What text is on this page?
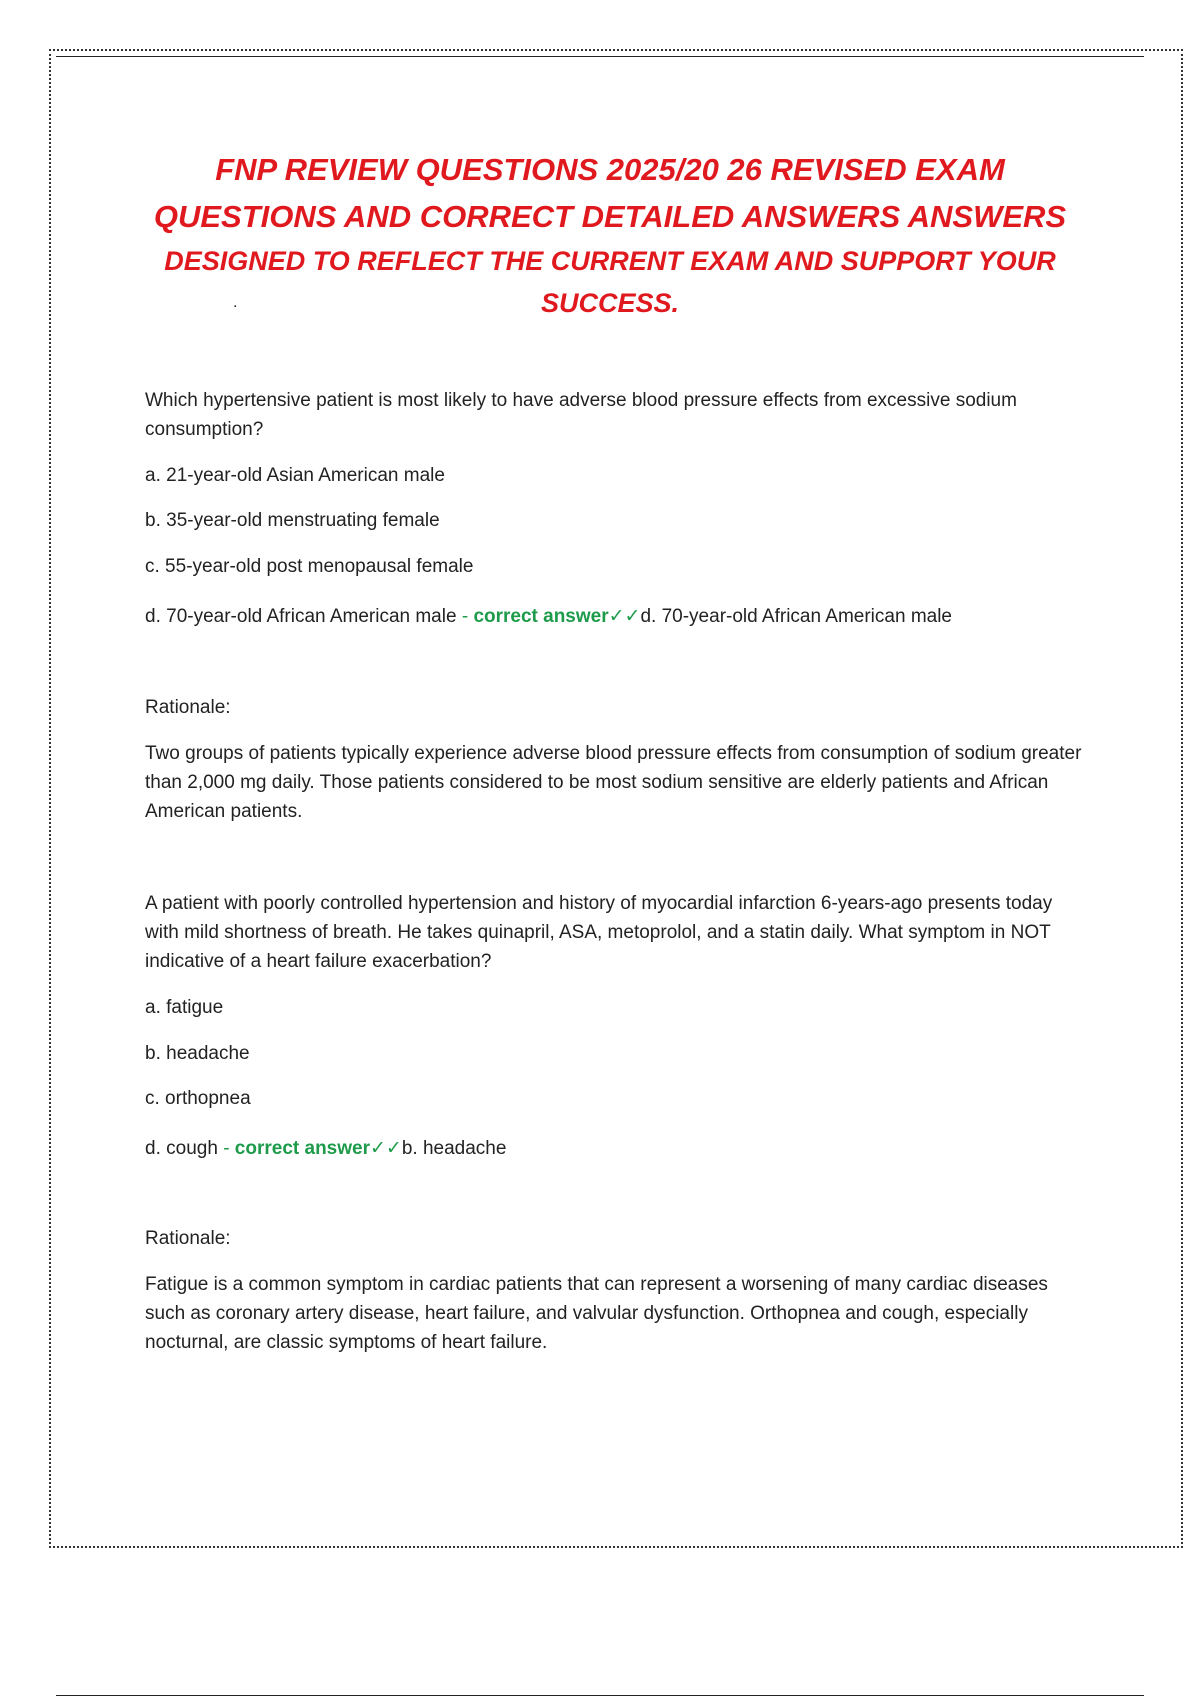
FNP REVIEW QUESTIONS 2025/20 26 REVISED EXAM
QUESTIONS AND CORRECT DETAILED ANSWERS ANSWERS
DESIGNED TO REFLECT THE CURRENT EXAM AND SUPPORT YOUR
SUCCESS.
.

Which hypertensive patient is most likely to have adverse blood pressure effects from excessive sodium consumption?

a. 21-year-old Asian American male
b. 35-year-old menstruating female
c. 55-year-old post menopausal female
d. 70-year-old African American male - correct answer✓✓d. 70-year-old African American male
Rationale:

Two groups of patients typically experience adverse blood pressure effects from consumption of sodium greater than 2,000 mg daily. Those patients considered to be most sodium sensitive are elderly patients and African American patients.

A patient with poorly controlled hypertension and history of myocardial infarction 6-years-ago presents today with mild shortness of breath. He takes quinapril, ASA, metoprolol, and a statin daily. What symptom in NOT indicative of a heart failure exacerbation?

a. fatigue
b. headache
c. orthopnea
d. cough - correct answer✓✓b. headache
Rationale:

Fatigue is a common symptom in cardiac patients that can represent a worsening of many cardiac diseases such as coronary artery disease, heart failure, and valvular dysfunction. Orthopnea and cough, especially nocturnal, are classic symptoms of heart failure.
